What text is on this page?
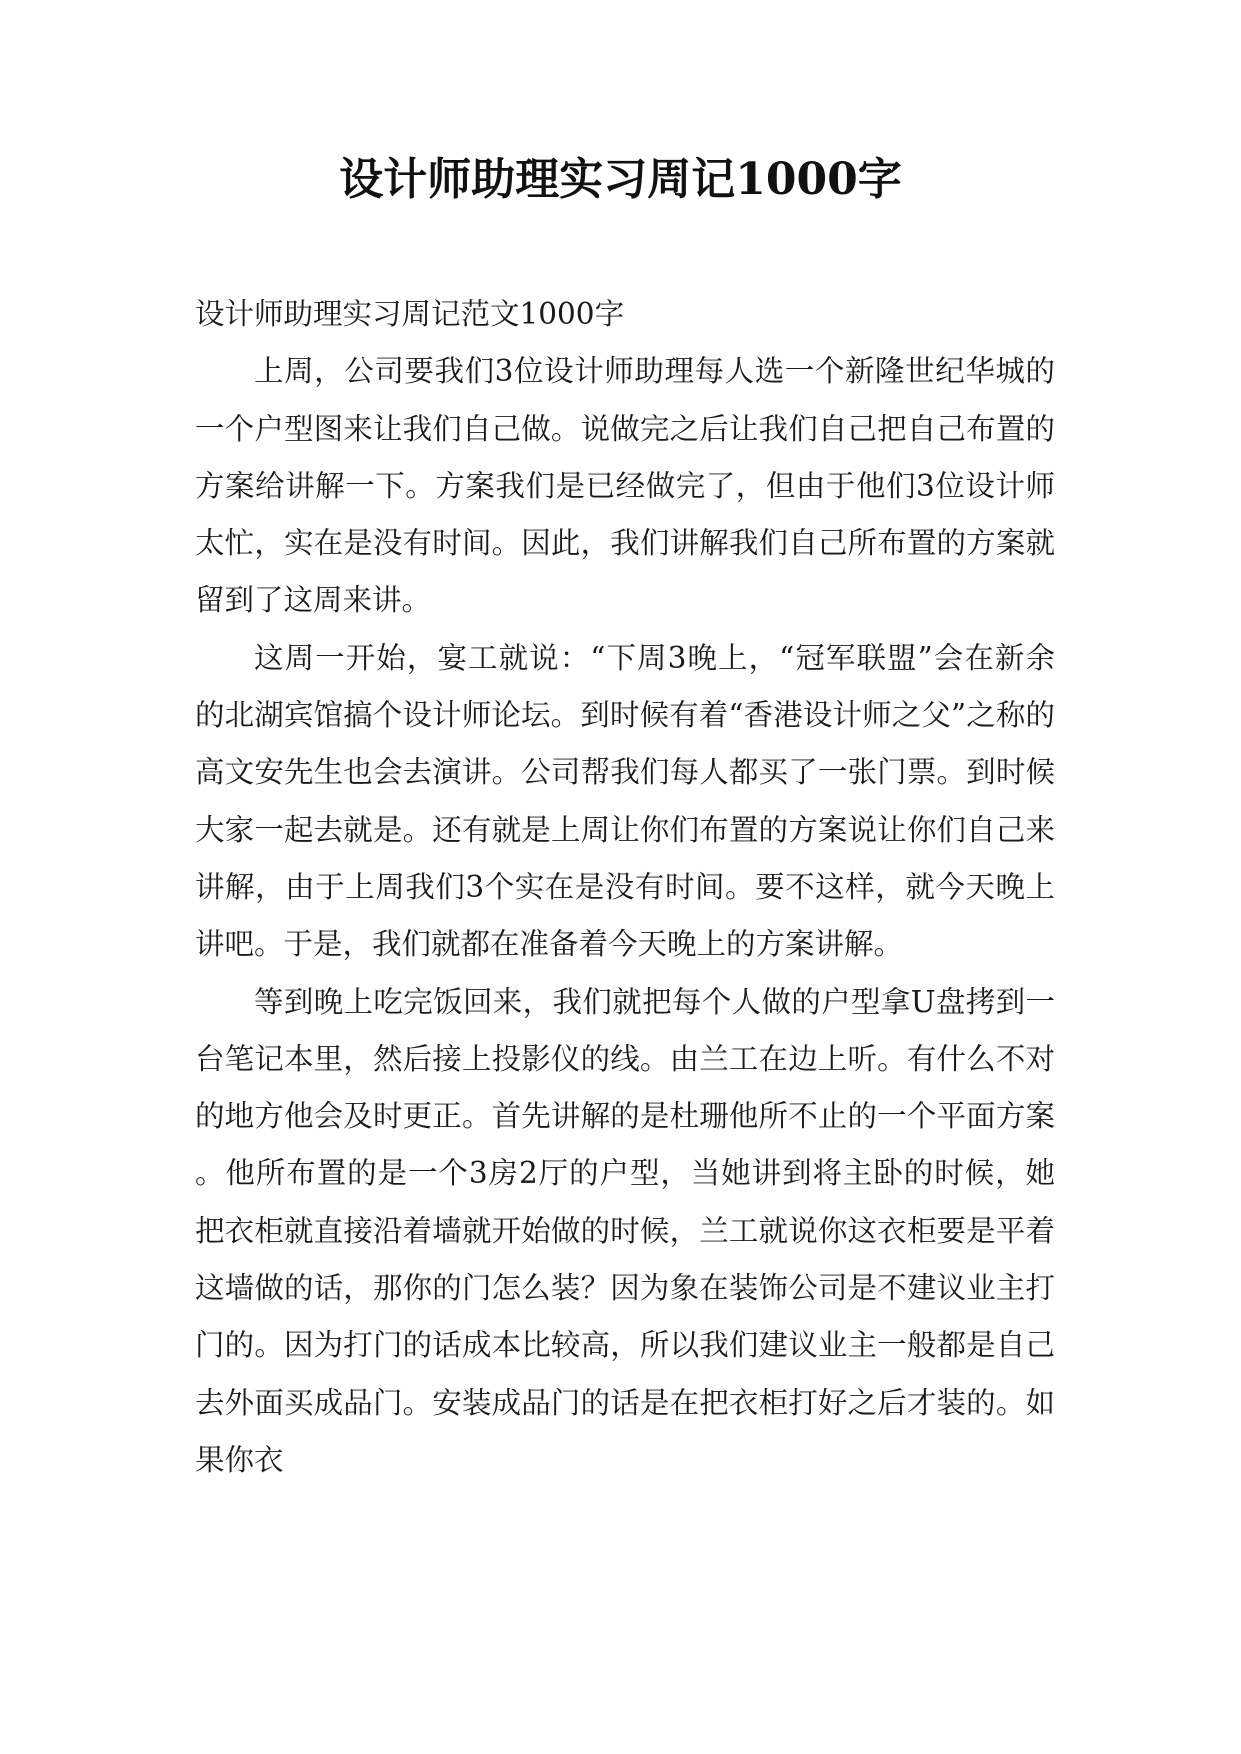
设计师助理实习周记1000字

设计师助理实习周记范文1000字

上周，公司要我们3位设计师助理每人选一个新隆世纪华城的一个户型图来让我们自己做。说做完之后让我们自己把自己布置的方案给讲解一下。方案我们是已经做完了，但由于他们3位设计师太忙，实在是没有时间。因此，我们讲解我们自己所布置的方案就留到了这周来讲。

这周一开始，宴工就说：“下周3晚上，“冠军联盟”会在新余的北湖宾馆搞个设计师论坛。到时候有着“香港设计师之父”之称的高文安先生也会去演讲。公司帮我们每人都买了一张门票。到时候大家一起去就是。还有就是上周让你们布置的方案说让你们自己来讲解，由于上周我们3个实在是没有时间。要不这样，就今天晚上讲吧。于是，我们就都在准备着今天晚上的方案讲解。

等到晚上吃完饭回来，我们就把每个人做的户型拿U盘拷到一台笔记本里，然后接上投影仪的线。由兰工在边上听。有什么不对的地方他会及时更正。首先讲解的是杜珊他所不止的一个平面方案。他所布置的是一个3房2厅的户型，当她讲到将主卧的时候，她把衣柜就直接沿着墙就开始做的时候，兰工就说你这衣柜要是平着这墙做的话，那你的门怎么装？因为象在装饰公司是不建议业主打门的。因为打门的话成本比较高，所以我们建议业主一般都是自己去外面买成品门。安装成品门的话是在把衣柜打好之后才装的。如果你衣
